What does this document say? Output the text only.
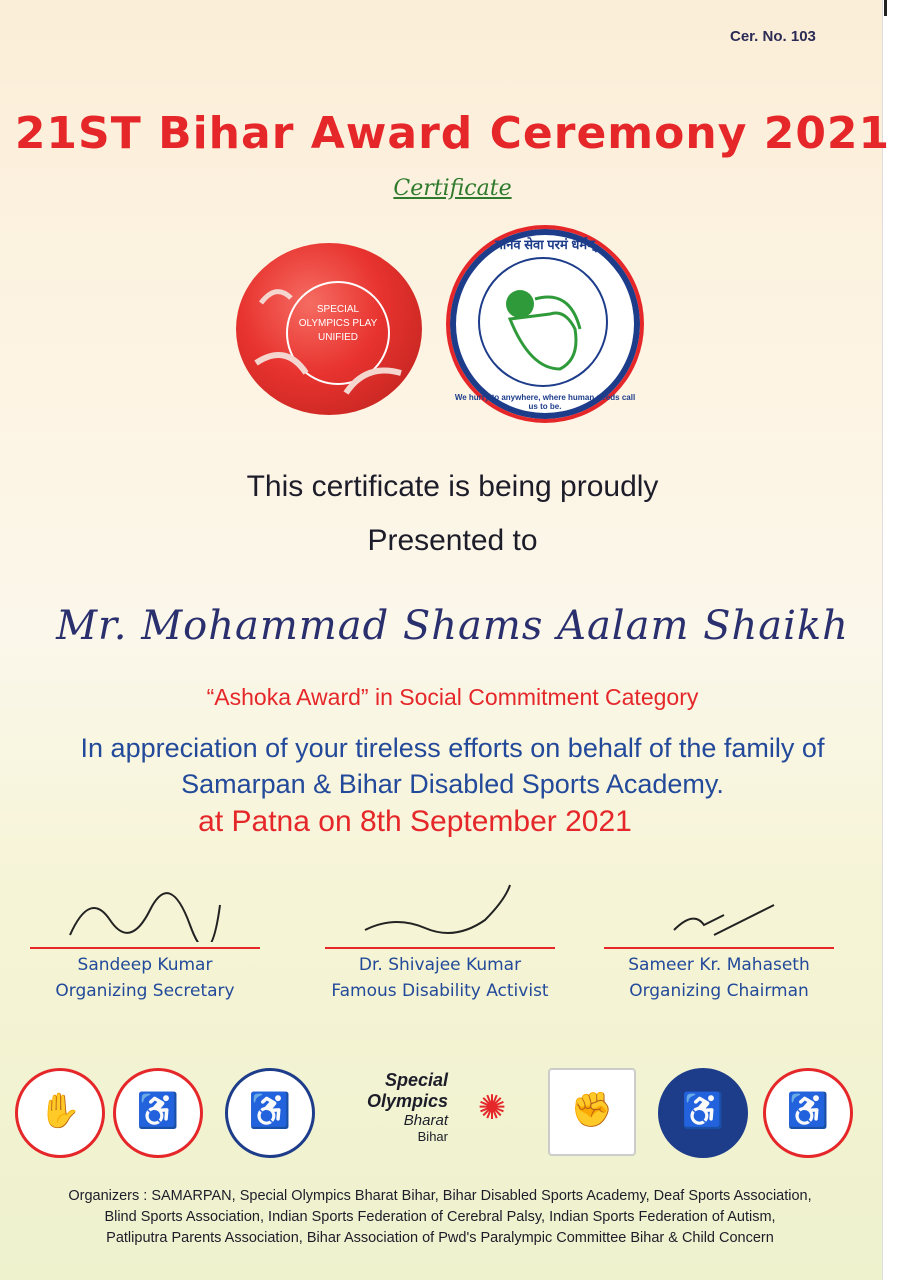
Cer. No. 103
21ST Bihar Award Ceremony 2021
Certificate
SPECIAL OLYMPICS PLAY UNIFIED
मानव सेवा परमं धर्मम्
We hurry to anywhere, where human needs call us to be.
This certificate is being proudly
Presented to
Mr. Mohammad Shams Aalam Shaikh
“Ashoka Award” in Social Commitment Category
In appreciation of your tireless efforts on behalf of the family of
Samarpan & Bihar Disabled Sports Academy.
at Patna on 8th September 2021
Sandeep Kumar
Organizing Secretary
Dr. Shivajee Kumar
Famous Disability Activist
Sameer Kr. Mahaseth
Organizing Chairman
✋	♿	♿
Special
Olympics
Bharat
Bihar
✺	✊	♿	♿
Organizers : SAMARPAN, Special Olympics Bharat Bihar, Bihar Disabled Sports Academy, Deaf Sports Association,
Blind Sports Association, Indian Sports Federation of Cerebral Palsy, Indian Sports Federation of Autism,
Patliputra Parents Association, Bihar Association of Pwd's Paralympic Committee Bihar & Child Concern
